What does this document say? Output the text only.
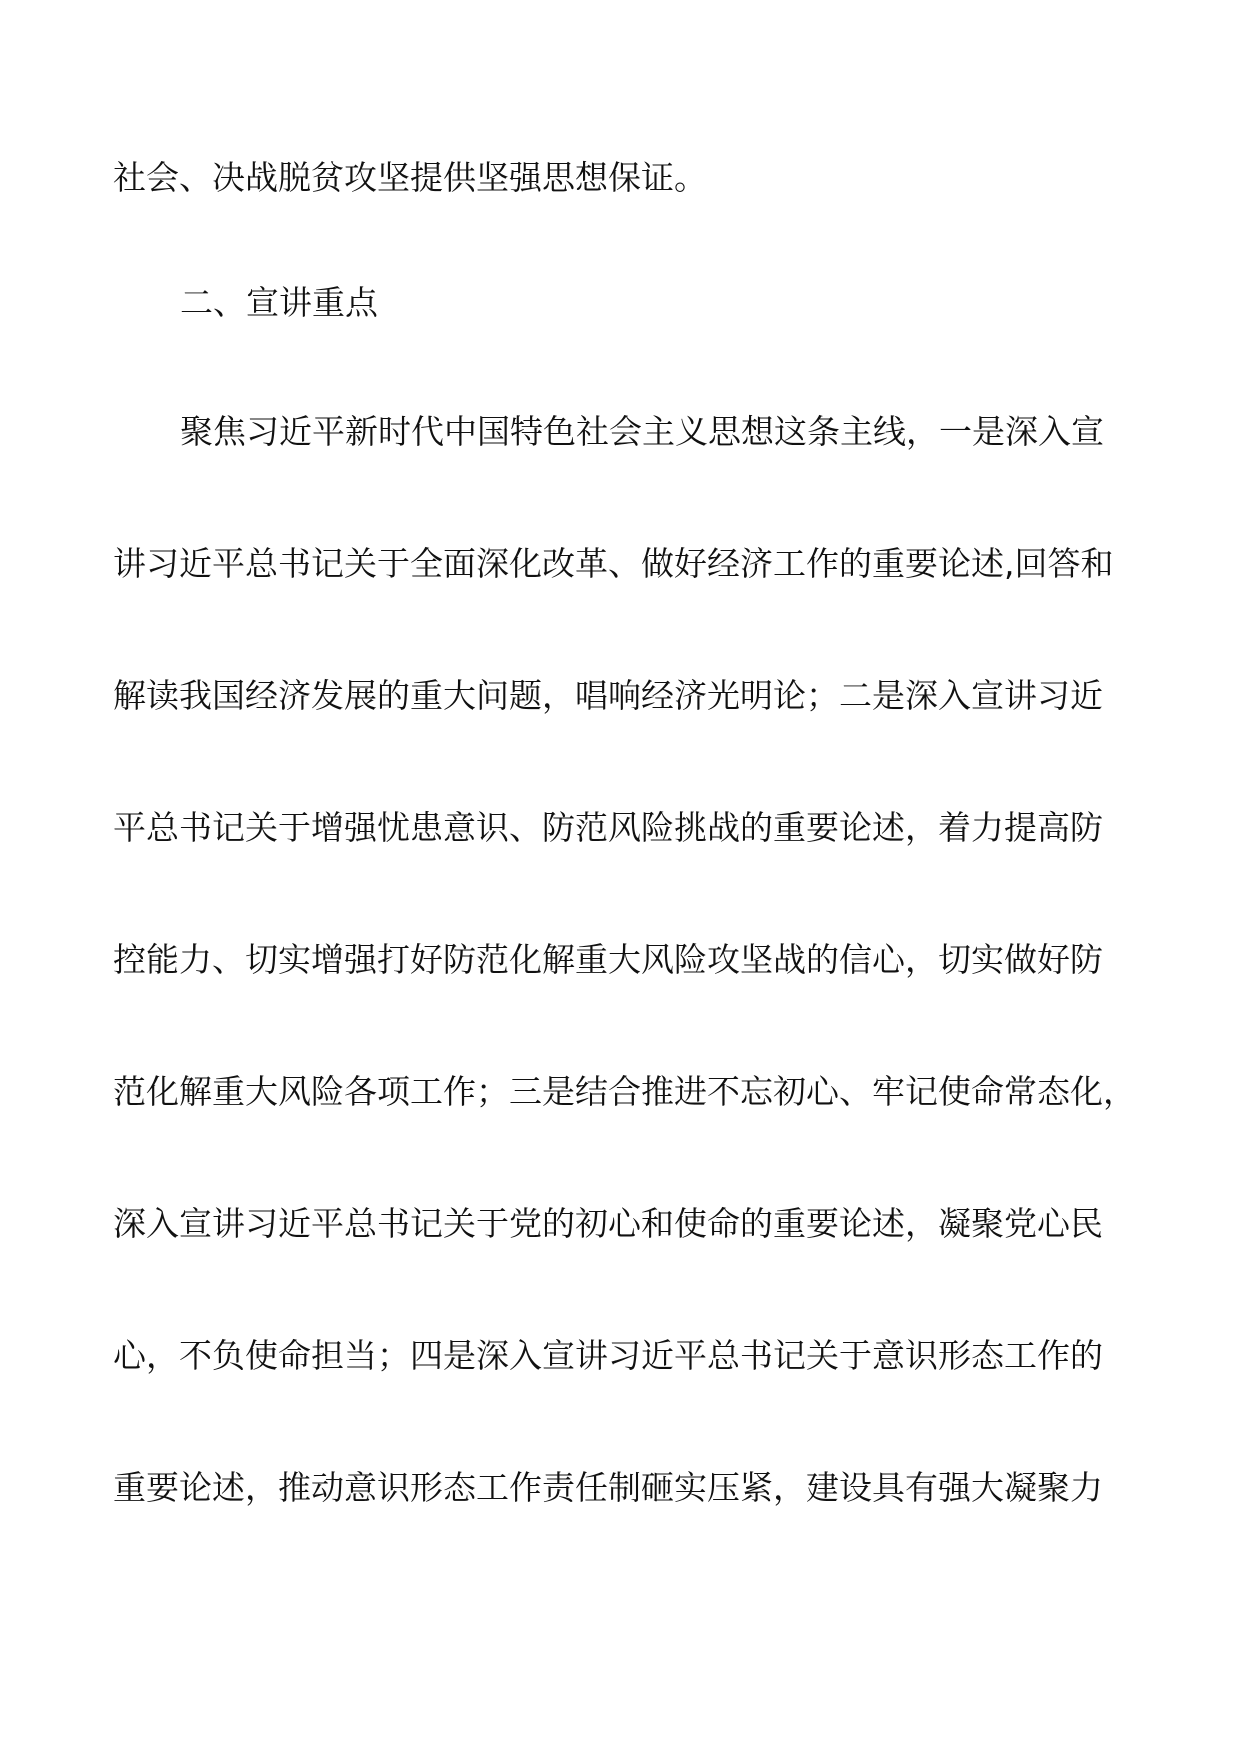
社会、决战脱贫攻坚提供坚强思想保证。
二、宣讲重点
聚焦习近平新时代中国特色社会主义思想这条主线，一是深入宣
讲习近平总书记关于全面深化改革、做好经济工作的重要论述,回答和
解读我国经济发展的重大问题，唱响经济光明论；二是深入宣讲习近
平总书记关于增强忧患意识、防范风险挑战的重要论述，着力提高防
控能力、切实增强打好防范化解重大风险攻坚战的信心，切实做好防
范化解重大风险各项工作；三是结合推进不忘初心、牢记使命常态化，
深入宣讲习近平总书记关于党的初心和使命的重要论述，凝聚党心民
心，不负使命担当；四是深入宣讲习近平总书记关于意识形态工作的
重要论述，推动意识形态工作责任制砸实压紧，建设具有强大凝聚力
